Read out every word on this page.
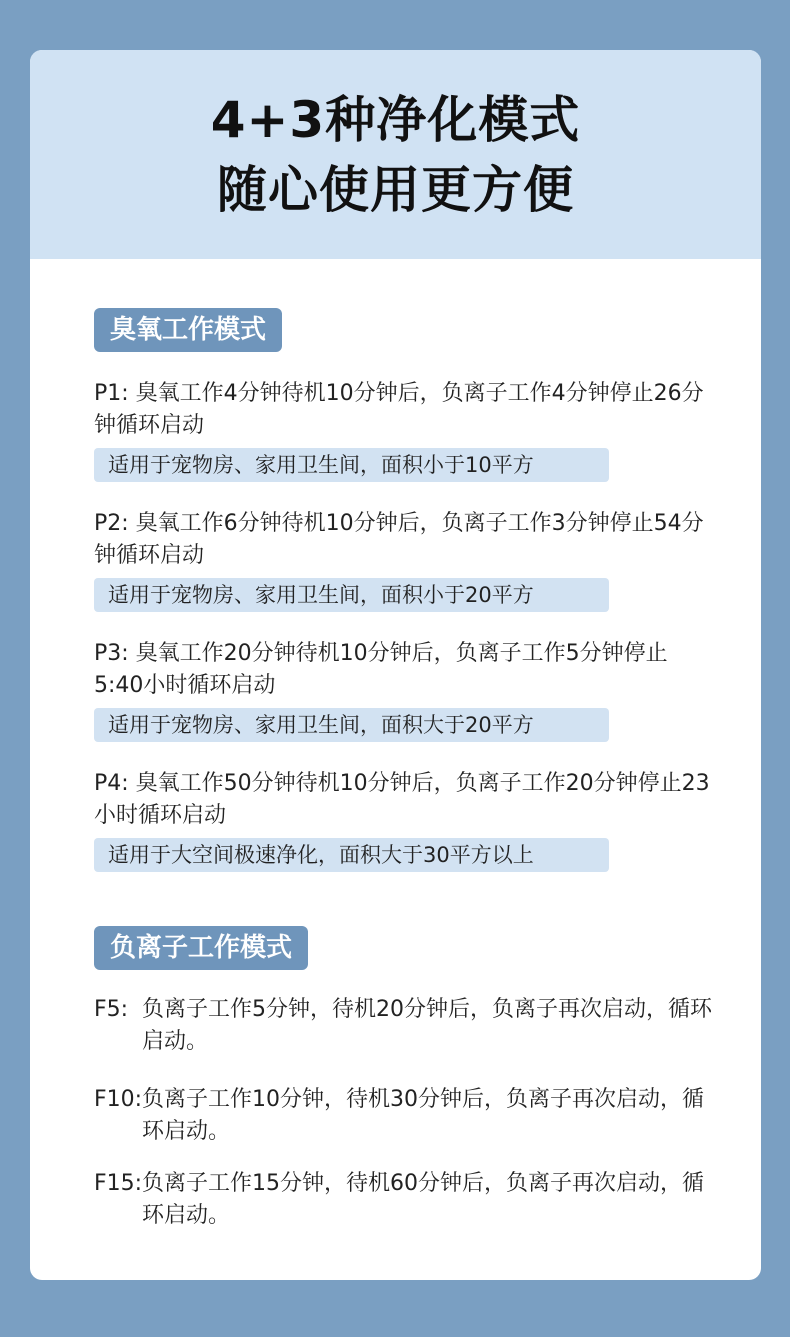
4+3种净化模式
随心使用更方便
臭氧工作模式
P1: 臭氧工作4分钟待机10分钟后，负离子工作4分钟停止26分钟循环启动
适用于宠物房、家用卫生间，面积小于10平方
P2: 臭氧工作6分钟待机10分钟后，负离子工作3分钟停止54分钟循环启动
适用于宠物房、家用卫生间，面积小于20平方
P3: 臭氧工作20分钟待机10分钟后，负离子工作5分钟停止5:40小时循环启动
适用于宠物房、家用卫生间，面积大于20平方
P4: 臭氧工作50分钟待机10分钟后，负离子工作20分钟停止23小时循环启动
适用于大空间极速净化，面积大于30平方以上
负离子工作模式
F5: 负离子工作5分钟，待机20分钟后，负离子再次启动，循环启动。
F10: 负离子工作10分钟，待机30分钟后，负离子再次启动，循环启动。
F15: 负离子工作15分钟，待机60分钟后，负离子再次启动，循环启动。
